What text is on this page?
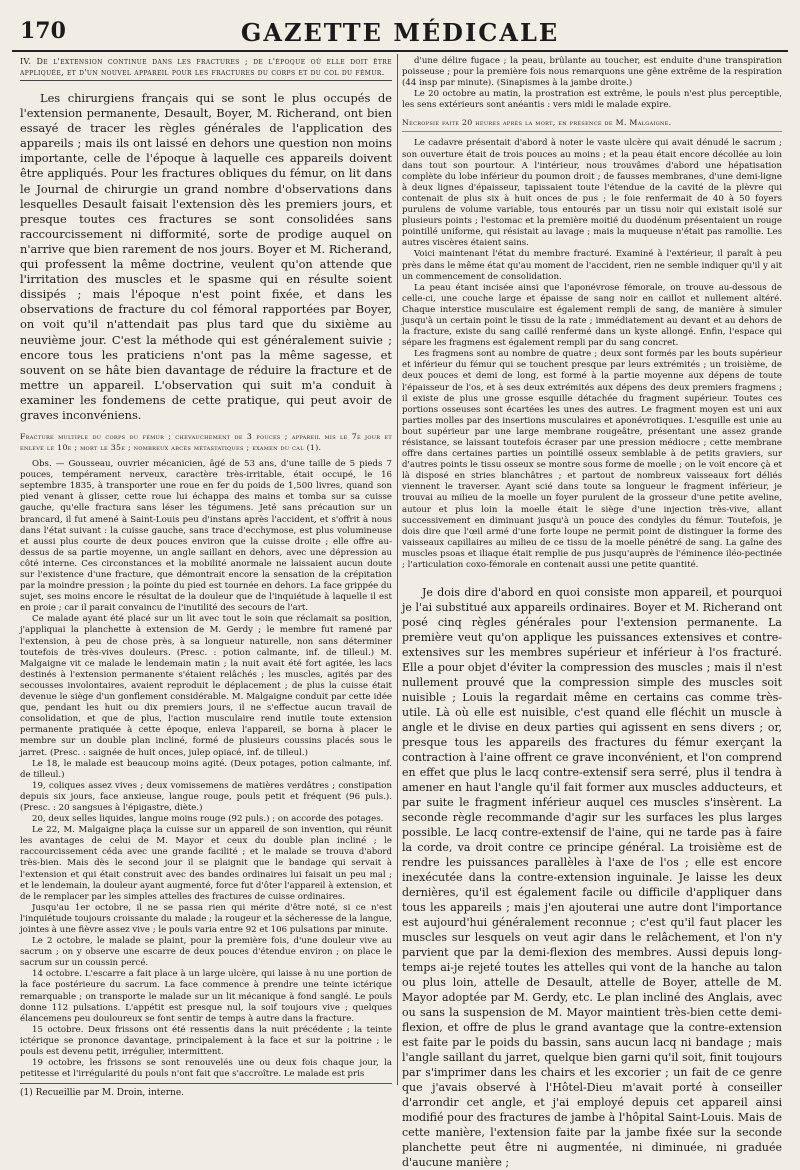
170	GAZETTE MÉDICALE
IV. De l'extension continue dans les fractures ; de l'époque où elle doit être appliquée, et d'un nouvel appareil pour les fractures du corps et du col du fémur.

Les chirurgiens français qui se sont le plus occupés de l'extension permanente, Desault, Boyer, M. Richerand, ont bien essayé de tracer les règles générales de l'application des appareils ; mais ils ont laissé en dehors une question non moins importante, celle de l'époque à laquelle ces appareils doivent être appliqués. Pour les fractures obliques du fémur, on lit dans le Journal de chirurgie un grand nombre d'observations dans lesquelles Desault faisait l'extension dès les premiers jours, et presque toutes ces fractures se sont consolidées sans raccourcissement ni difformité, sorte de prodige auquel on n'arrive que bien rarement de nos jours. Boyer et M. Richerand, qui professent la même doctrine, veulent qu'on attende que l'irritation des muscles et le spasme qui en résulte soient dissipés ; mais l'époque n'est point fixée, et dans les observations de fracture du col fémoral rapportées par Boyer, on voit qu'il n'attendait pas plus tard que du sixième au neuvième jour. C'est la méthode qui est généralement suivie ; encore tous les praticiens n'ont pas la même sagesse, et souvent on se hâte bien davantage de réduire la fracture et de mettre un appareil. L'observation qui suit m'a conduit à examiner les fondemens de cette pratique, qui peut avoir de graves inconvéniens.

Fracture multiple du corps du fémur ; chevauchement de 3 pouces ; appareil mis le 7e jour et enlevé le 10e ; mort le 35e ; nombreux abcès métastatiques ; examen du cal (1).

Obs. — Gousseau, ouvrier mécanicien, âgé de 53 ans, d'une taille de 5 pieds 7 pouces, tempérament nerveux, caractère très-irritable, était occupé, le 16 septembre 1835, à transporter une roue en fer du poids de 1,500 livres, quand son pied venant à glisser, cette roue lui échappa des mains et tomba sur sa cuisse gauche, qu'elle fractura sans léser les tégumens. Jeté sans précaution sur un brancard, il fut amené à Saint-Louis peu d'instans après l'accident, et s'offrit à nous dans l'état suivant : la cuisse gauche, sans trace d'ecchymose, est plus volumineuse et aussi plus courte de deux pouces environ que la cuisse droite ; elle offre au-dessus de sa partie moyenne, un angle saillant en dehors, avec une dépression au côté interne. Ces circonstances et la mobilité anormale ne laissaient aucun doute sur l'existence d'une fracture, que démontrait encore la sensation de la crépitation par la moindre pression ; la pointe du pied est tournée en dehors. La face grippée du sujet, ses moins encore le résultat de la douleur que de l'inquiétude à laquelle il est en proie ; car il parait convaincu de l'inutilité des secours de l'art.

Ce malade ayant été placé sur un lit avec tout le soin que réclamait sa position, j'appliquai la planchette à extension de M. Gerdy ; le membre fut ramené par l'extension, à peu de chose près, à sa longueur naturelle, non sans déterminer toutefois de très-vives douleurs. (Presc. : potion calmante, inf. de tilleul.) M. Malgaigne vit ce malade le lendemain matin ; la nuit avait été fort agitée, les lacs destinés à l'extension permanente s'étaient relâchés ; les muscles, agités par des secousses involontaires, avaient reproduit le déplacement ; de plus la cuisse était devenue le siège d'un gonflement considérable. M. Malgaigne conduit par cette idée que, pendant les huit ou dix premiers jours, il ne s'effectue aucun travail de consolidation, et que de plus, l'action musculaire rend inutile toute extension permanente pratiquée à cette époque, enleva l'appareil, se borna à placer le membre sur un double plan incliné, formé de plusieurs coussins placés sous le jarret. (Presc. : saignée de huit onces, julep opiacé, inf. de tilleul.)

Le 18, le malade est beaucoup moins agité. (Deux potages, potion calmante, inf. de tilleul.)

19, coliques assez vives ; deux vomissemens de matières verdâtres ; constipation depuis six jours, face anxieuse, langue rouge, pouls petit et fréquent (96 puls.). (Presc. : 20 sangsues à l'épigastre, diète.)

20, deux selles liquides, langue moins rouge (92 puls.) ; on accorde des potages.

Le 22, M. Malgaigne plaça la cuisse sur un appareil de son invention, qui réunit les avantages de celui de M. Mayor et ceux du double plan incliné ; le raccourcissement céda avec une grande facilité ; et le malade se trouva d'abord très-bien. Mais dès le second jour il se plaignit que le bandage qui servait à l'extension et qui était construit avec des bandes ordinaires lui faisait un peu mal ; et le lendemain, la douleur ayant augmenté, force fut d'ôter l'appareil à extension, et de le remplacer par les simples attelles des fractures de cuisse ordinaires.

Jusqu'au 1er octobre, il ne se passa rien qui mérite d'être noté, si ce n'est l'inquiétude toujours croissante du malade ; la rougeur et la sécheresse de la langue, jointes à une fièvre assez vive ; le pouls varia entre 92 et 106 pulsations par minute.

Le 2 octobre, le malade se plaint, pour la première fois, d'une douleur vive au sacrum ; on y observe une escarre de deux pouces d'étendue environ ; on place le sacrum sur un coussin percé.

14 octobre. L'escarre a fait place à un large ulcère, qui laisse à nu une portion de la face postérieure du sacrum. La face commence à prendre une teinte ictérique remarquable ; on transporte le malade sur un lit mécanique à fond sanglé. Le pouls donne 112 pulsations. L'appétit est presque nul, la soif toujours vive ; quelques élancemens peu douloureux se font sentir de temps à autre dans la fracture.

15 octobre. Deux frissons ont été ressentis dans la nuit précédente ; la teinte ictérique se prononce davantage, principalement à la face et sur la poitrine ; le pouls est devenu petit, irrégulier, intermittent.

19 octobre, les frissons se sont renouvelés une ou deux fois chaque jour, la petitesse et l'irrégularité du pouls n'ont fait que s'accroître. Le malade est pris

(1) Recueillie par M. Droin, interne.

d'une délire fugace ; la peau, brûlante au toucher, est enduite d'une transpiration poisseuse ; pour la première fois nous remarquons une gêne extrême de la respiration (44 insp par minute). (Sinapismes à la jambe droite.)

Le 20 octobre au matin, la prostration est extrême, le pouls n'est plus perceptible, les sens extérieurs sont anéantis : vers midi le malade expire.

Nécropsie faite 20 heures après la mort, en présence de M. Malgaigne.

Le cadavre présentait d'abord à noter le vaste ulcère qui avait dénudé le sacrum ; son ouverture était de trois pouces au moins ; et la peau était encore décollée au loin dans tout son pourtour. A l'intérieur, nous trouvâmes d'abord une hépatisation complète du lobe inférieur du poumon droit ; de fausses membranes, d'une demi-ligne à deux lignes d'épaisseur, tapissaient toute l'étendue de la cavité de la plèvre qui contenait de plus six à huit onces de pus ; le foie renfermait de 40 à 50 foyers purulens de volume variable, tous entourés par un tissu noir qui existait isolé sur plusieurs points ; l'estomac et la première moitié du duodénum présentaient un rouge pointillé uniforme, qui résistait au lavage ; mais la muqueuse n'était pas ramollie. Les autres viscères étaient sains.

Voici maintenant l'état du membre fracturé. Examiné à l'extérieur, il paraît à peu près dans le même état qu'au moment de l'accident, rien ne semble indiquer qu'il y ait un commencement de consolidation.

La peau étant incisée ainsi que l'aponévrose fémorale, on trouve au-dessous de celle-ci, une couche large et épaisse de sang noir en caillot et nullement altéré. Chaque interstice musculaire est également rempli de sang, de manière à simuler jusqu'à un certain point le tissu de la rate ; immédiatement au devant et au dehors de la fracture, existe du sang caillé renfermé dans un kyste allongé. Enfin, l'espace qui sépare les fragmens est également rempli par du sang concret.

Les fragmens sont au nombre de quatre ; deux sont formés par les bouts supérieur et inférieur du fémur qui se touchent presque par leurs extrémités ; un troisième, de deux pouces et demi de long, est formé à la partie moyenne aux dépens de toute l'épaisseur de l'os, et à ses deux extrémités aux dépens des deux premiers fragmens ; il existe de plus une grosse esquille détachée du fragment supérieur. Toutes ces portions osseuses sont écartées les unes des autres. Le fragment moyen est uni aux parties molles par des insertions musculaires et aponévrotiques. L'esquille est unie au bout supérieur par une large membrane rougeâtre, présentant une assez grande résistance, se laissant toutefois écraser par une pression médiocre ; cette membrane offre dans certaines parties un pointillé osseux semblable à de petits graviers, sur d'autres points le tissu osseux se montre sous forme de moelle ; on le voit encore çà et là disposé en stries blanchâtres ; et partout de nombreux vaisseaux fort déliés viennent le traverser. Ayant scié dans toute sa longueur le fragment inférieur, je trouvai au milieu de la moelle un foyer purulent de la grosseur d'une petite aveline, autour et plus loin la moelle était le siège d'une injection très-vive, allant successivement en diminuant jusqu'à un pouce des condyles du fémur. Toutefois, je dois dire que l'œil armé d'une forte loupe ne permit point de distinguer la forme des vaisseaux capillaires au milieu de ce tissu de la moelle pénétré de sang. La gaîne des muscles psoas et iliaque était remplie de pus jusqu'auprès de l'éminence iléo-pectinée ; l'articulation coxo-fémorale en contenait aussi une petite quantité.

Je dois dire d'abord en quoi consiste mon appareil, et pourquoi je l'ai substitué aux appareils ordinaires. Boyer et M. Richerand ont posé cinq règles générales pour l'extension permanente. La première veut qu'on applique les puissances extensives et contre-extensives sur les membres supérieur et inférieur à l'os fracturé. Elle a pour objet d'éviter la compression des muscles ; mais il n'est nullement prouvé que la compression simple des muscles soit nuisible ; Louis la regardait même en certains cas comme très-utile. Là où elle est nuisible, c'est quand elle fléchit un muscle à angle et le divise en deux parties qui agissent en sens divers ; or, presque tous les appareils des fractures du fémur exerçant la contraction à l'aine offrent ce grave inconvénient, et l'on comprend en effet que plus le lacq contre-extensif sera serré, plus il tendra à amener en haut l'angle qu'il fait former aux muscles adducteurs, et par suite le fragment inférieur auquel ces muscles s'insèrent. La seconde règle recommande d'agir sur les surfaces les plus larges possible. Le lacq contre-extensif de l'aine, qui ne tarde pas à faire la corde, va droit contre ce principe général. La troisième est de rendre les puissances parallèles à l'axe de l'os ; elle est encore inexécutée dans la contre-extension inguinale. Je laisse les deux dernières, qu'il est également facile ou difficile d'appliquer dans tous les appareils ; mais j'en ajouterai une autre dont l'importance est aujourd'hui généralement reconnue ; c'est qu'il faut placer les muscles sur lesquels on veut agir dans le relâchement, et l'on n'y parvient que par la demi-flexion des membres. Aussi depuis long-temps ai-je rejeté toutes les attelles qui vont de la hanche au talon ou plus loin, attelle de Desault, attelle de Boyer, attelle de M. Mayor adoptée par M. Gerdy, etc. Le plan incliné des Anglais, avec ou sans la suspension de M. Mayor maintient très-bien cette demi-flexion, et offre de plus le grand avantage que la contre-extension est faite par le poids du bassin, sans aucun lacq ni bandage ; mais l'angle saillant du jarret, quelque bien garni qu'il soit, finit toujours par s'imprimer dans les chairs et les excorier ; un fait de ce genre que j'avais observé à l'Hôtel-Dieu m'avait porté à conseiller d'arrondir cet angle, et j'ai employé depuis cet appareil ainsi modifié pour des fractures de jambe à l'hôpital Saint-Louis. Mais de cette manière, l'extension faite par la jambe fixée sur la seconde planchette peut être ni augmentée, ni diminuée, ni graduée d'aucune manière ;
